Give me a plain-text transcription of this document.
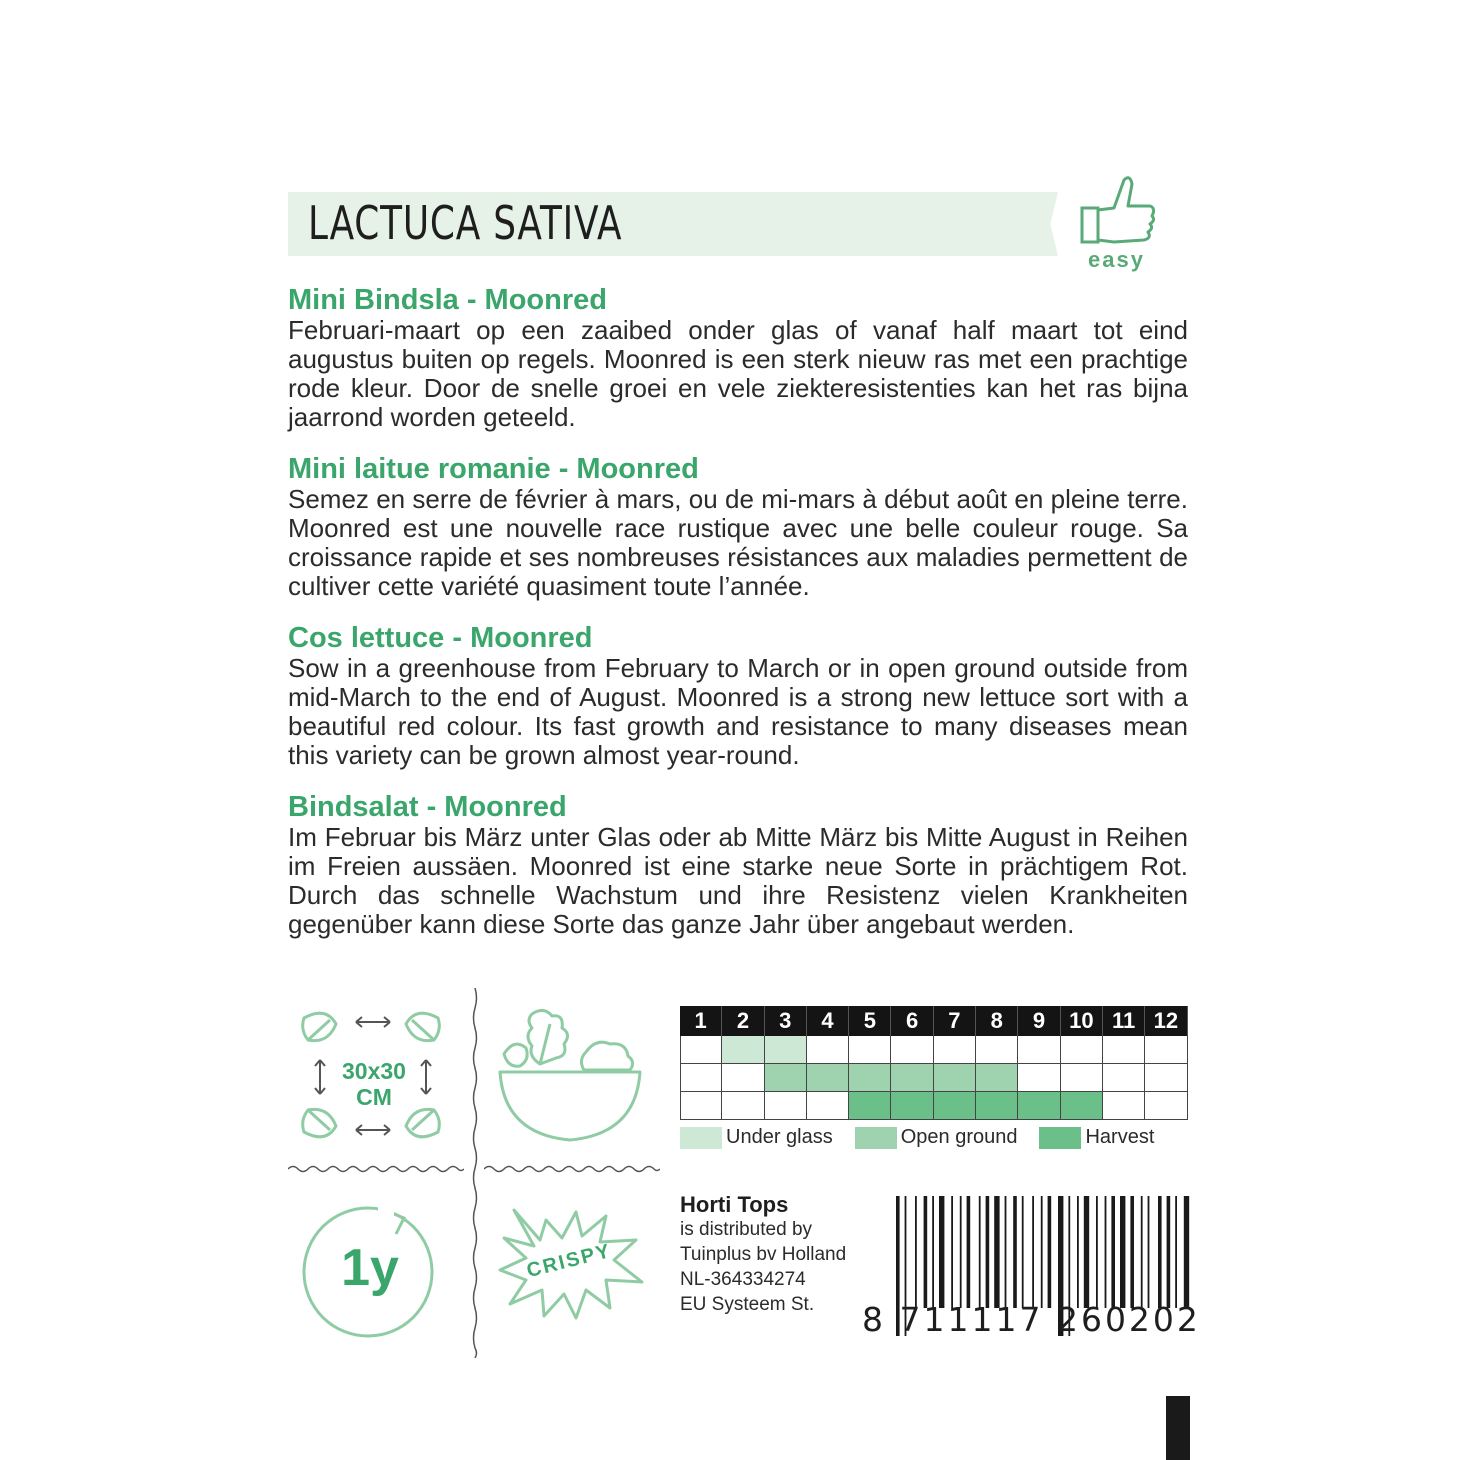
LACTUCA SATIVA
easy
Mini Bindsla - Moonred

Februari-maart op een zaaibed onder glas of vanaf half maart tot eind augustus buiten op regels. Moonred is een sterk nieuw ras met een prachtige rode kleur. Door de snelle groei en vele ziekteresistenties kan het ras bijna jaarrond worden geteeld.

Mini laitue romanie - Moonred

Semez en serre de février à mars, ou de mi-mars à début août en pleine terre. Moonred est une nouvelle race rustique avec une belle couleur rouge. Sa croissance rapide et ses nombreuses résistances aux maladies permettent de cultiver cette variété quasiment toute l’année.

Cos lettuce - Moonred

Sow in a greenhouse from February to March or in open ground outside from mid-March to the end of August. Moonred is a strong new lettuce sort with a beautiful red colour. Its fast growth and resistance to many diseases mean this variety can be grown almost year-round.

Bindsalat - Moonred

Im Februar bis März unter Glas oder ab Mitte März bis Mitte August in Reihen im Freien aussäen. Moonred ist eine starke neue Sorte in prächtigem Rot. Durch das schnelle Wachstum und ihre Resistenz vielen Krankheiten gegenüber kann diese Sorte das ganze Jahr über angebaut werden.

30x30
CM
1y	CRISPY
1	2	3	4	5	6	7	8	9	10 11 12
Under glass	Open ground	Harvest
Horti Tops
is distributed by
Tuinplus bv Holland
NL-364334274
EU Systeem St.	8 711117 260202
